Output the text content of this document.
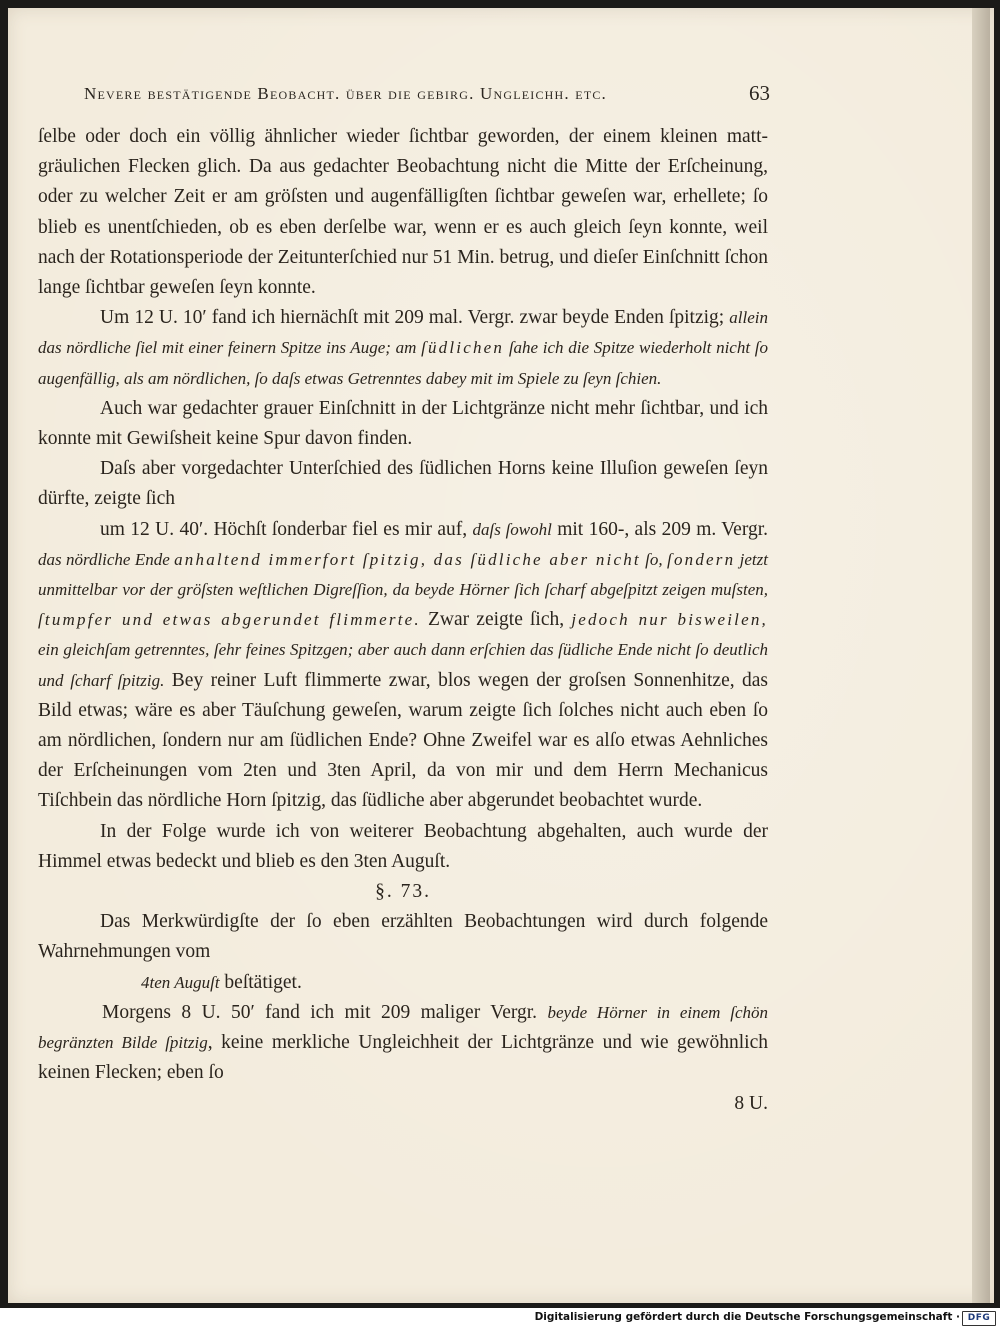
Nevere bestätigende Beobacht. über die gebirg. Ungleichh. etc.	63

ſelbe oder doch ein völlig ähnlicher wieder ſichtbar geworden, der einem kleinen matt-gräulichen Flecken glich. Da aus gedachter Beobachtung nicht die Mitte der Erſcheinung, oder zu welcher Zeit er am gröſsten und augenfälligſten ſichtbar geweſen war, erhellete; ſo blieb es unentſchieden, ob es eben derſelbe war, wenn er es auch gleich ſeyn konnte, weil nach der Rotationsperiode der Zeitunterſchied nur 51 Min. betrug, und dieſer Einſchnitt ſchon lange ſichtbar geweſen ſeyn konnte.

Um 12 U. 10′ fand ich hiernächſt mit 209 mal. Vergr. zwar beyde Enden ſpitzig; allein das nördliche ſiel mit einer feinern Spitze ins Auge; am ſüdlichen ſahe ich die Spitze wiederholt nicht ſo augenfällig, als am nördlichen, ſo daſs etwas Getrenntes dabey mit im Spiele zu ſeyn ſchien.

Auch war gedachter grauer Einſchnitt in der Lichtgränze nicht mehr ſichtbar, und ich konnte mit Gewiſsheit keine Spur davon finden.

Daſs aber vorgedachter Unterſchied des ſüdlichen Horns keine Illuſion geweſen ſeyn dürfte, zeigte ſich

um 12 U. 40′. Höchſt ſonderbar fiel es mir auf, daſs ſowohl mit 160-, als 209 m. Vergr. das nördliche Ende anhaltend immerfort ſpitzig, das ſüdliche aber nicht ſo, ſondern jetzt unmittelbar vor der gröſsten weſtlichen Digreſſion, da beyde Hörner ſich ſcharf abgeſpitzt zeigen muſsten, ſtumpfer und etwas abgerundet flimmerte. Zwar zeigte ſich, jedoch nur bisweilen, ein gleichſam getrenntes, ſehr feines Spitzgen; aber auch dann erſchien das ſüdliche Ende nicht ſo deutlich und ſcharf ſpitzig. Bey reiner Luft flimmerte zwar, blos wegen der groſsen Sonnenhitze, das Bild etwas; wäre es aber Täuſchung geweſen, warum zeigte ſich ſolches nicht auch eben ſo am nördlichen, ſondern nur am ſüdlichen Ende? Ohne Zweifel war es alſo etwas Aehnliches der Erſcheinungen vom 2ten und 3ten April, da von mir und dem Herrn Mechanicus Tiſchbein das nördliche Horn ſpitzig, das ſüdliche aber abgerundet beobachtet wurde.

In der Folge wurde ich von weiterer Beobachtung abgehalten, auch wurde der Himmel etwas bedeckt und blieb es den 3ten Auguſt.

§. 73.

Das Merkwürdigſte der ſo eben erzählten Beobachtungen wird durch folgende Wahrnehmungen vom

4ten Auguſt beſtätiget.

Morgens 8 U. 50′ fand ich mit 209 maliger Vergr. beyde Hörner in einem ſchön begränzten Bilde ſpitzig, keine merkliche Ungleichheit der Lichtgränze und wie gewöhnlich keinen Flecken; eben ſo

8 U.

Digitalisierung gefördert durch die Deutsche Forschungsgemeinschaft · DFG
